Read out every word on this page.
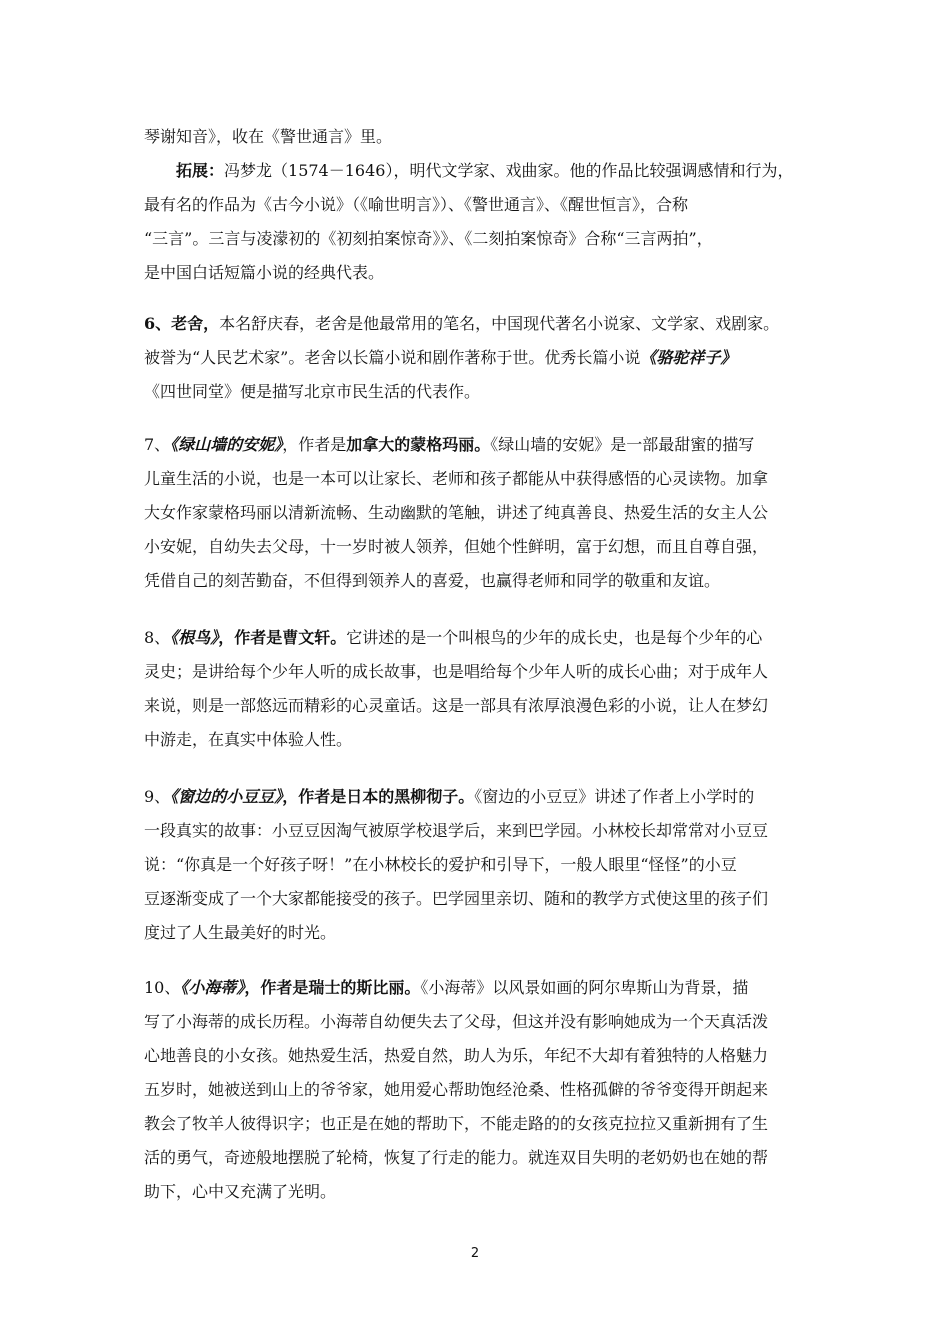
琴谢知音》，收在《警世通言》里。

拓展：冯梦龙（1574－1646），明代文学家、戏曲家。他的作品比较强调感情和行为，
最有名的作品为《古今小说》（《喻世明言》）、《警世通言》、《醒世恒言》，合称
“三言”。三言与凌濛初的《初刻拍案惊奇》》、《二刻拍案惊奇》合称“三言两拍”，
是中国白话短篇小说的经典代表。

6、老舍，本名舒庆春，老舍是他最常用的笔名，中国现代著名小说家、文学家、戏剧家。
被誉为“人民艺术家”。老舍以长篇小说和剧作著称于世。优秀长篇小说《骆驼祥子》
《四世同堂》便是描写北京市民生活的代表作。

7、《绿山墙的安妮》，作者是加拿大的蒙格玛丽。《绿山墙的安妮》是一部最甜蜜的描写
儿童生活的小说，也是一本可以让家长、老师和孩子都能从中获得感悟的心灵读物。加拿
大女作家蒙格玛丽以清新流畅、生动幽默的笔触，讲述了纯真善良、热爱生活的女主人公
小安妮，自幼失去父母，十一岁时被人领养，但她个性鲜明，富于幻想，而且自尊自强，
凭借自己的刻苦勤奋，不但得到领养人的喜爱，也赢得老师和同学的敬重和友谊。

8、《根鸟》，作者是曹文轩。它讲述的是一个叫根鸟的少年的成长史，也是每个少年的心
灵史；是讲给每个少年人听的成长故事，也是唱给每个少年人听的成长心曲；对于成年人
来说，则是一部悠远而精彩的心灵童话。这是一部具有浓厚浪漫色彩的小说，让人在梦幻
中游走，在真实中体验人性。

9、《窗边的小豆豆》，作者是日本的黑柳彻子。《窗边的小豆豆》讲述了作者上小学时的
一段真实的故事：小豆豆因淘气被原学校退学后，来到巴学园。小林校长却常常对小豆豆
说：“你真是一个好孩子呀！”在小林校长的爱护和引导下，一般人眼里“怪怪”的小豆
豆逐渐变成了一个大家都能接受的孩子。巴学园里亲切、随和的教学方式使这里的孩子们
度过了人生最美好的时光。

10、《小海蒂》，作者是瑞士的斯比丽。《小海蒂》以风景如画的阿尔卑斯山为背景，描
写了小海蒂的成长历程。小海蒂自幼便失去了父母，但这并没有影响她成为一个天真活泼
心地善良的小女孩。她热爱生活，热爱自然，助人为乐，年纪不大却有着独特的人格魅力
五岁时，她被送到山上的爷爷家，她用爱心帮助饱经沧桑、性格孤僻的爷爷变得开朗起来
教会了牧羊人彼得识字；也正是在她的帮助下，不能走路的的女孩克拉拉又重新拥有了生
活的勇气，奇迹般地摆脱了轮椅，恢复了行走的能力。就连双目失明的老奶奶也在她的帮
助下，心中又充满了光明。

2
